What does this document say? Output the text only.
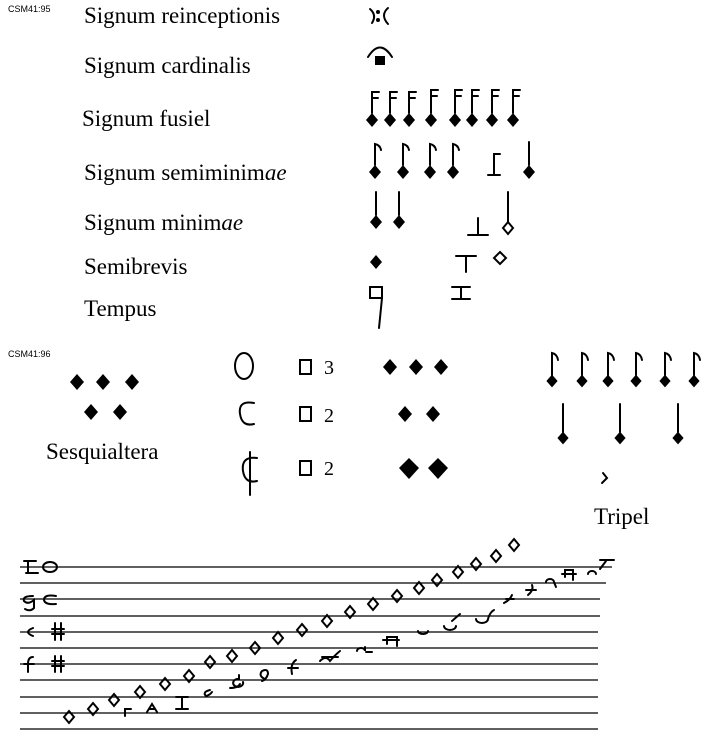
CSM41:95 Signum reinceptionis
Signum cardinalis
Signum fusiel
Signum semiminimae
Signum minimae
Semibrevis
Tempus
CSM41:96
Sesquialtera
Tripel
3
2
2
